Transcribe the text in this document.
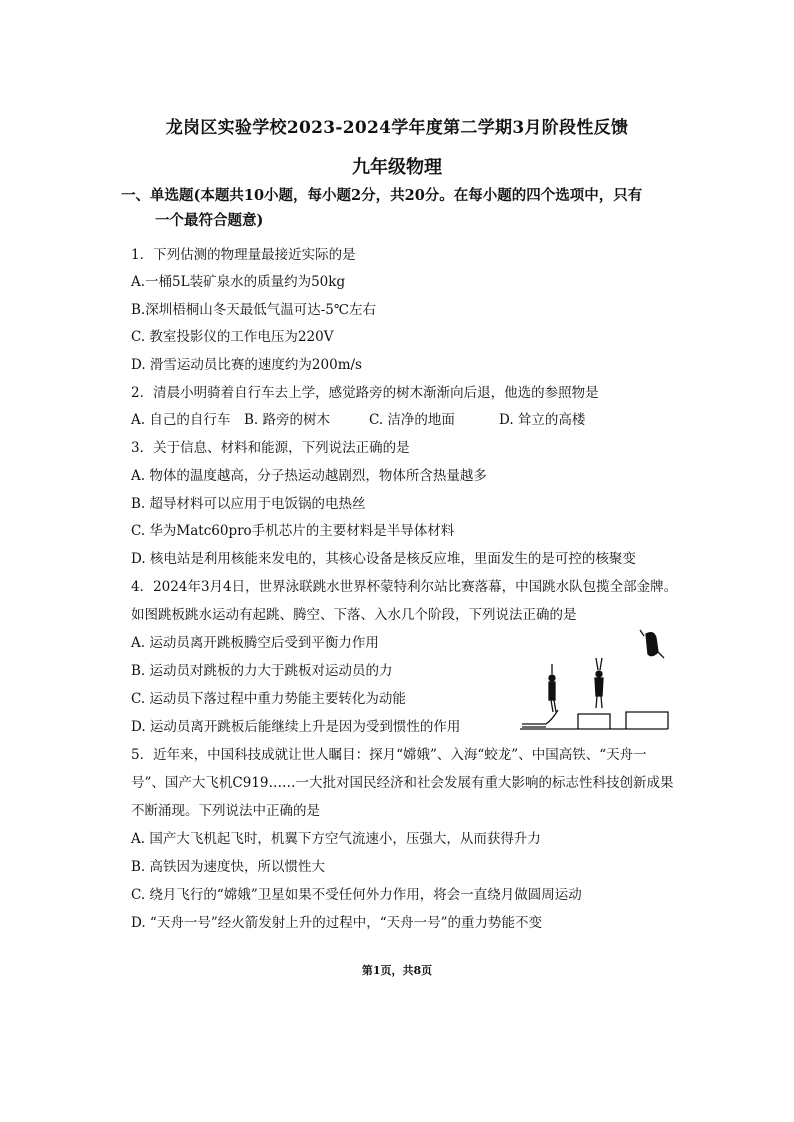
龙岗区实验学校2023-2024学年度第二学期3月阶段性反馈
九年级物理
一、单选题(本题共10小题，每小题2分，共20分。在每小题的四个选项中，只有
一个最符合题意)
1．下列估测的物理量最接近实际的是
A.一桶5L装矿泉水的质量约为50kg
B.深圳梧桐山冬天最低气温可达-5℃左右
C. 教室投影仪的工作电压为220V
D. 滑雪运动员比赛的速度约为200m/s
2．清晨小明骑着自行车去上学，感觉路旁的树木渐渐向后退，他选的参照物是
A. 自己的自行车 B. 路旁的树木	C. 洁净的地面	D. 耸立的高楼
3．关于信息、材料和能源，下列说法正确的是
A. 物体的温度越高，分子热运动越剧烈，物体所含热量越多
B. 超导材料可以应用于电饭锅的电热丝
C. 华为Matc60pro手机芯片的主要材料是半导体材料
D. 核电站是利用核能来发电的，其核心设备是核反应堆，里面发生的是可控的核聚变
4．2024年3月4日，世界泳联跳水世界杯蒙特利尔站比赛落幕，中国跳水队包揽全部金牌。
如图跳板跳水运动有起跳、腾空、下落、入水几个阶段，下列说法正确的是
A. 运动员离开跳板腾空后受到平衡力作用
B. 运动员对跳板的力大于跳板对运动员的力
C. 运动员下落过程中重力势能主要转化为动能
D. 运动员离开跳板后能继续上升是因为受到惯性的作用
5．近年来，中国科技成就让世人瞩目：探月“嫦娥”、入海“蛟龙”、中国高铁、“天舟一
号”、国产大飞机C919……一大批对国民经济和社会发展有重大影响的标志性科技创新成果
不断涌现。下列说法中正确的是
A. 国产大飞机起飞时，机翼下方空气流速小，压强大，从而获得升力
B. 高铁因为速度快，所以惯性大
C. 绕月飞行的“嫦娥”卫星如果不受任何外力作用，将会一直绕月做圆周运动
D. “天舟一号”经火箭发射上升的过程中，“天舟一号”的重力势能不变
第1页，共8页
